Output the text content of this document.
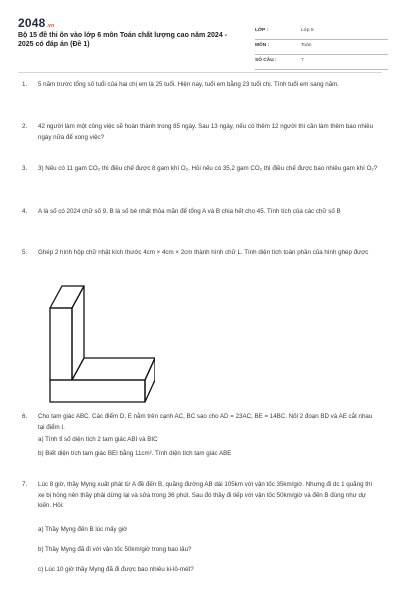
2048.vn
Bộ 15 đề thi ôn vào lớp 6 môn Toán chất lượng cao năm 2024 - 2025 có đáp án (Đề 1)
LỚP :	Lớp 5
MÔN :	Toán
SỐ CÂU :	7
1.	5 năm trước tổng số tuổi của hai chị em là 25 tuổi. Hiện nay, tuổi em bằng 23 tuổi chị. Tính tuổi em sang năm.
2.	42 người làm một công việc sẽ hoàn thành trong 85 ngày. Sau 13 ngày, nếu có thêm 12 người thì cần làm thêm bao nhiêu ngày nữa để xong việc?
3.	3) Nếu có 11 gam CO₂ thì điều chế được 8 gam khí O₂. Hỏi nếu có 35,2 gam CO₂ thì điều chế được bao nhiêu gam khí O₂?
4.	A là số có 2024 chữ số 9. B là số bé nhất thỏa mãn để tổng A và B chia hết cho 45. Tính tích của các chữ số B
5.	Ghép 2 hình hộp chữ nhật kích thước 4cm × 4cm × 2cm thành hình chữ L. Tính diện tích toàn phần của hình ghép được
6.	Cho tam giác ABC. Các điểm D, E nằm trên cạnh AC, BC sao cho AD = 23AC, BE = 14BC. Nối 2 đoạn BD và AE cắt nhau tại điểm I.
a) Tính tỉ số diện tích 2 tam giác ABI và BIC
b) Biết diện tích tam giác BEI bằng 11cm². Tính diện tích tam giác ABE
7.	Lúc 8 giờ, thầy Myng xuất phát từ A đề đến B, quãng đường AB dài 105km với vận tốc 35km/giờ. Nhưng đi dc 1 quãng thì xe bị hỏng nên thầy phải dừng lại và sửa trong 36 phút. Sau đó thầy đi tiếp với vận tốc 50km/giờ và đến B đúng như dự kiến. Hỏi:
a) Thầy Myng đến B lúc mấy giờ
b) Thầy Myng đã đi với vận tốc 50km/giờ trong bao lâu?
c) Lúc 10 giờ thầy Myng đã đi được bao nhiêu ki-lô-mét?
